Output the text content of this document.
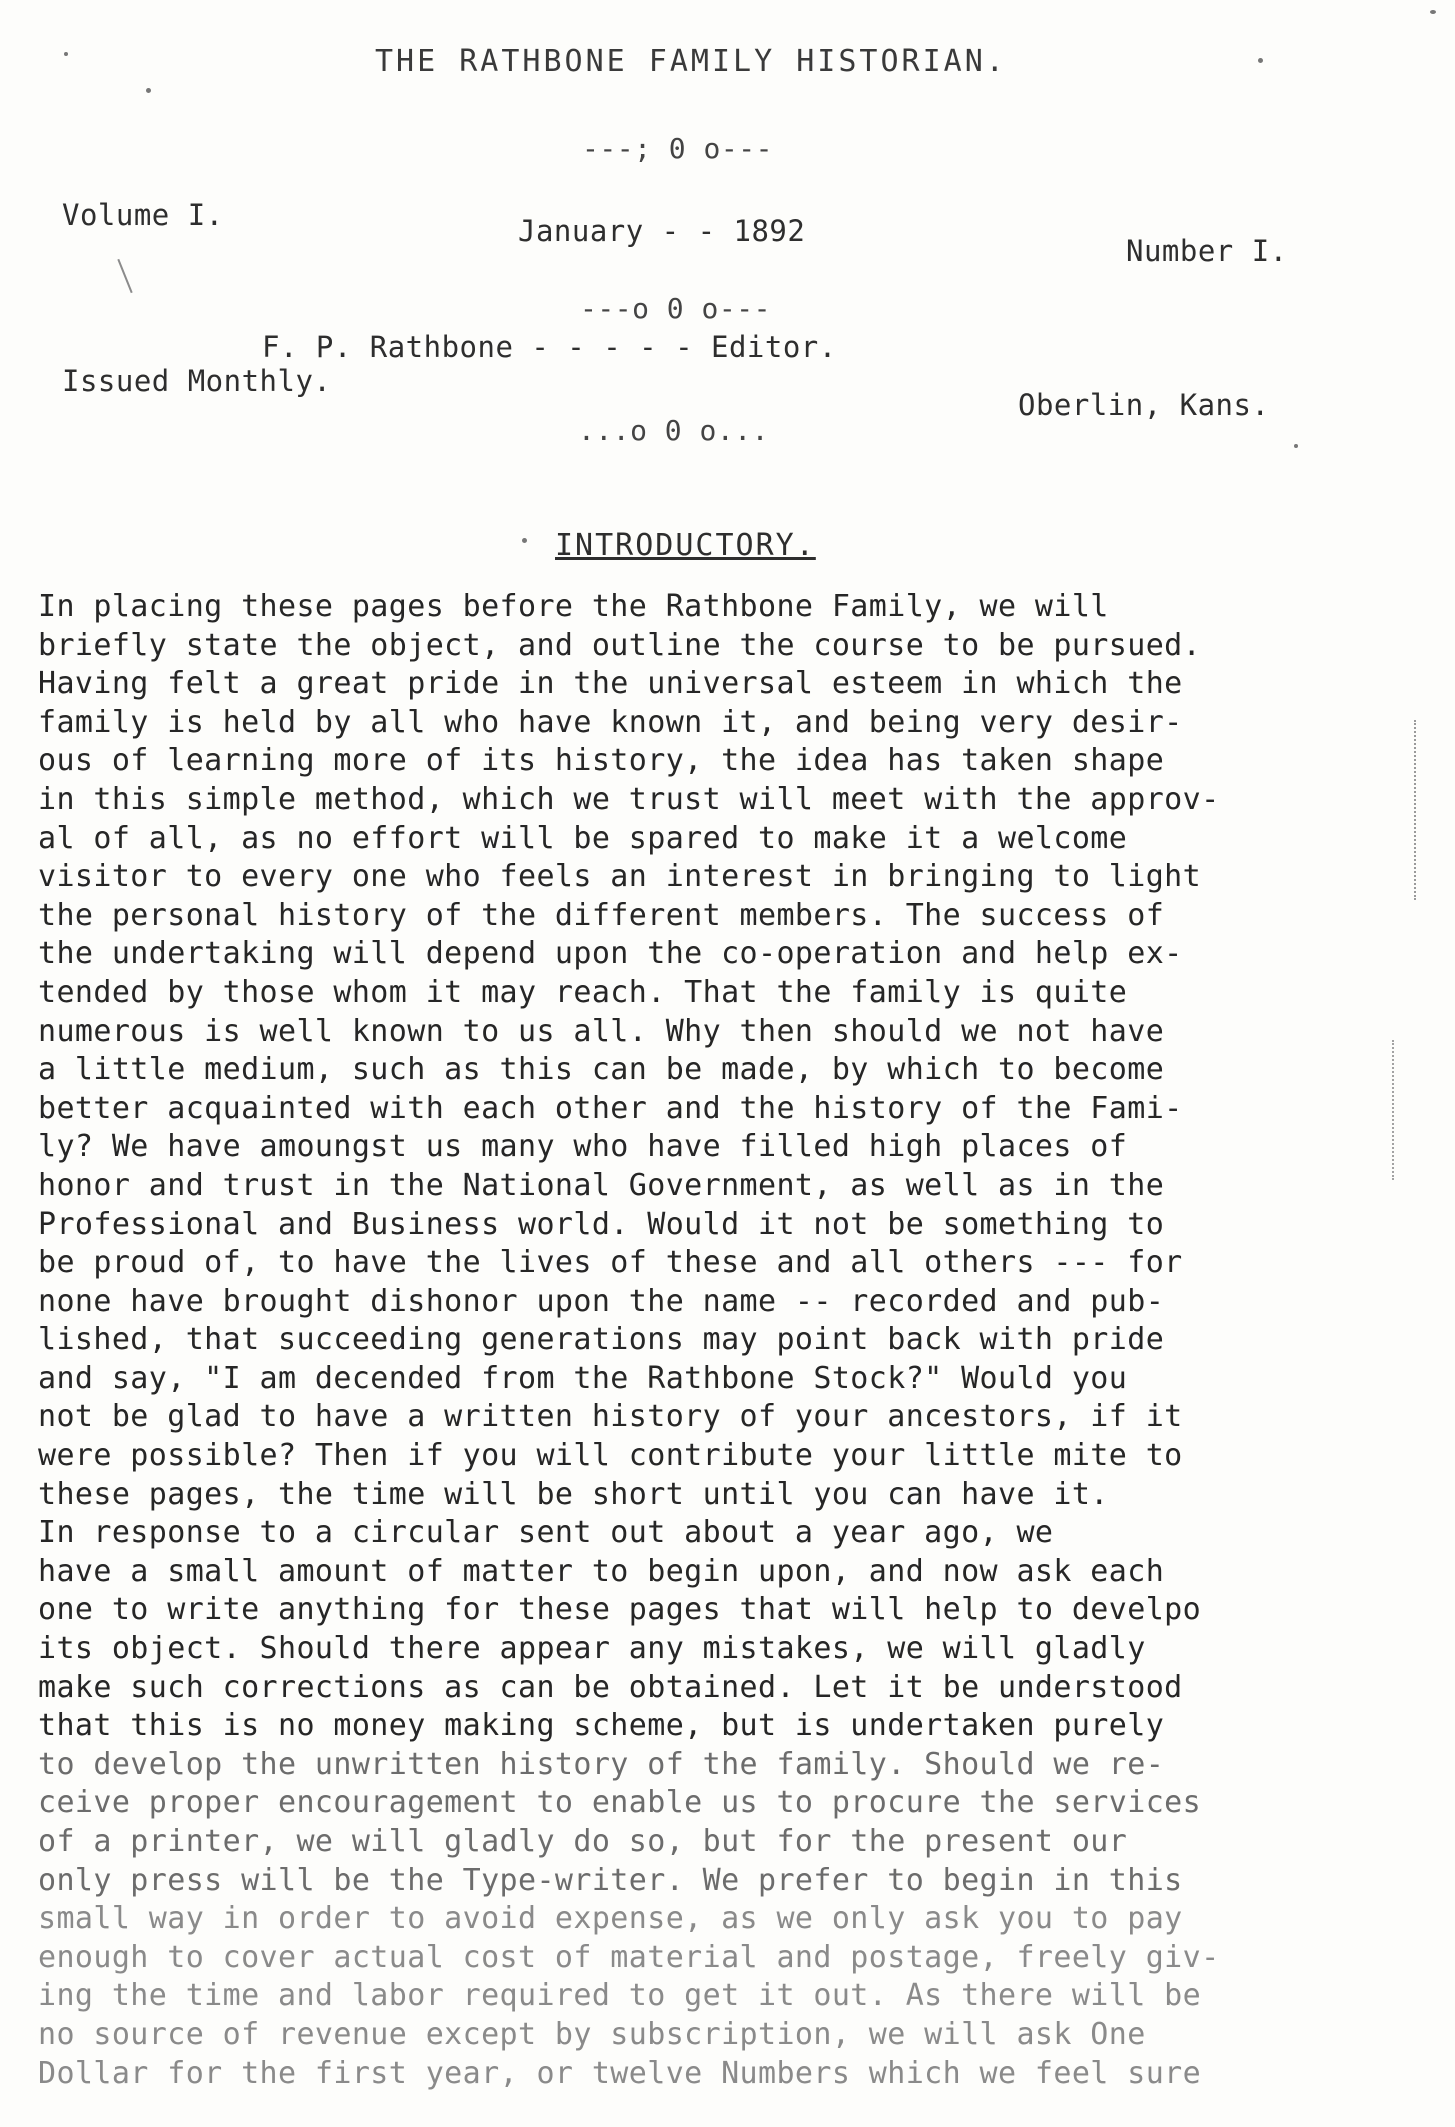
THE RATHBONE FAMILY HISTORIAN.
---; 0 o---
Volume I.	January - - 1892
Number I.
---o 0 o---
F. P. Rathbone - - - - - Editor.
Issued Monthly.
Oberlin, Kans.
...o 0 o...
INTRODUCTORY.
In placing these pages before the Rathbone Family, we will
briefly state the object, and outline the course to be pursued.
Having felt a great pride in the universal esteem in which the
family is held by all who have known it, and being very desir-
ous of learning more of its history, the idea has taken shape
in this simple method, which we trust will meet with the approv-
al of all, as no effort will be spared to make it a welcome
visitor to every one who feels an interest in bringing to light
the personal history of the different members. The success of
the undertaking will depend upon the co-operation and help ex-
tended by those whom it may reach. That the family is quite
numerous is well known to us all. Why then should we not have
a little medium, such as this can be made, by which to become
better acquainted with each other and the history of the Fami-
ly? We have amoungst us many who have filled high places of
honor and trust in the National Government, as well as in the
Professional and Business world. Would it not be something to
be proud of, to have the lives of these and all others --- for
none have brought dishonor upon the name -- recorded and pub-
lished, that succeeding generations may point back with pride
and say, "I am decended from the Rathbone Stock?" Would you
not be glad to have a written history of your ancestors, if it
were possible? Then if you will contribute your little mite to
these pages, the time will be short until you can have it.
In response to a circular sent out about a year ago, we
have a small amount of matter to begin upon, and now ask each
one to write anything for these pages that will help to develpo
its object. Should there appear any mistakes, we will gladly
make such corrections as can be obtained. Let it be understood
that this is no money making scheme, but is undertaken purely
to develop the unwritten history of the family. Should we re-
ceive proper encouragement to enable us to procure the services
of a printer, we will gladly do so, but for the present our
only press will be the Type-writer. We prefer to begin in this
small way in order to avoid expense, as we only ask you to pay
enough to cover actual cost of material and postage, freely giv-
ing the time and labor required to get it out. As there will be
no source of revenue except by subscription, we will ask One
Dollar for the first year, or twelve Numbers which we feel sure
